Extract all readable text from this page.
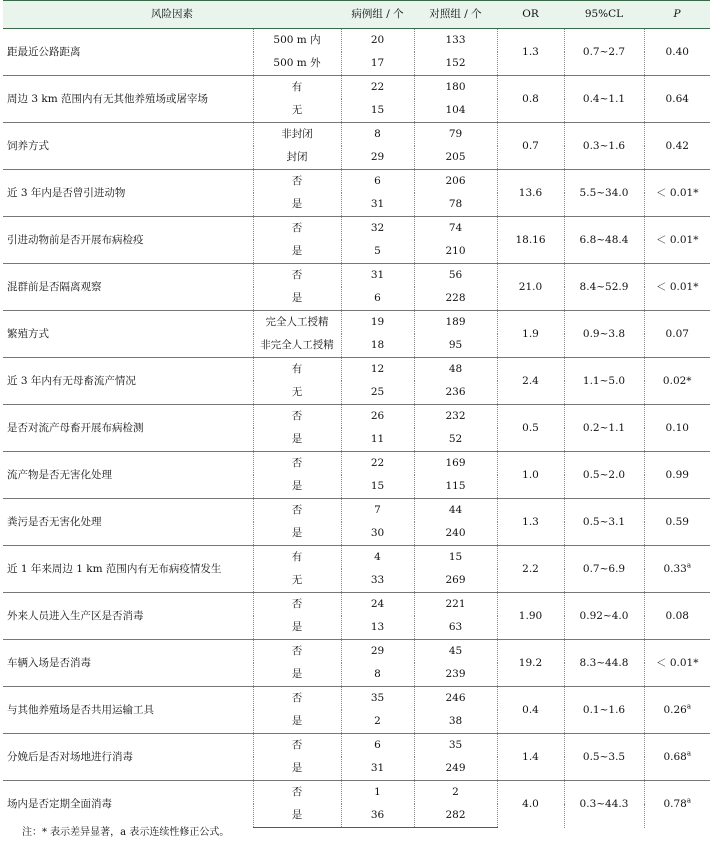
风险因素		病例组 / 个	对照组 / 个	OR	95%CL	P
距最近公路距离	500 m 内	20	133	1.3	0.7~2.7	0.40
	500 m 外	17	152			
周边 3 km 范围内有无其他养殖场或屠宰场	有	22	180	0.8	0.4~1.1	0.64
	无	15	104			
饲养方式	非封闭	8	79	0.7	0.3~1.6	0.42
	封闭	29	205			
近 3 年内是否曾引进动物	否	6	206	13.6	5.5~34.0	＜ 0.01*
	是	31	78			
引进动物前是否开展布病检疫	否	32	74	18.16	6.8~48.4	＜ 0.01*
	是	5	210			
混群前是否隔离观察	否	31	56	21.0	8.4~52.9	＜ 0.01*
	是	6	228			
繁殖方式	完全人工授精	19	189	1.9	0.9~3.8	0.07
	非完全人工授精	18	95			
近 3 年内有无母畜流产情况	有	12	48	2.4	1.1~5.0	0.02*
	无	25	236			
是否对流产母畜开展布病检测	否	26	232	0.5	0.2~1.1	0.10
	是	11	52			
流产物是否无害化处理	否	22	169	1.0	0.5~2.0	0.99
	是	15	115			
粪污是否无害化处理	否	7	44	1.3	0.5~3.1	0.59
	是	30	240			
近 1 年来周边 1 km 范围内有无布病疫情发生	有	4	15	2.2	0.7~6.9	0.33$^a$
	无	33	269			
外来人员进入生产区是否消毒	否	24	221	1.90	0.92~4.0	0.08
	是	13	63			
车辆入场是否消毒	否	29	45	19.2	8.3~44.8	＜ 0.01*
	是	8	239			
与其他养殖场是否共用运输工具	否	35	246	0.4	0.1~1.6	0.26$^a$
	是	2	38			
分娩后是否对场地进行消毒	否	6	35	1.4	0.5~3.5	0.68$^a$
	是	31	249			
场内是否定期全面消毒	否	1	2	4.0	0.3~44.3	0.78$^a$
	是	36	282			
注：* 表示差异显著，a 表示连续性修正公式。
